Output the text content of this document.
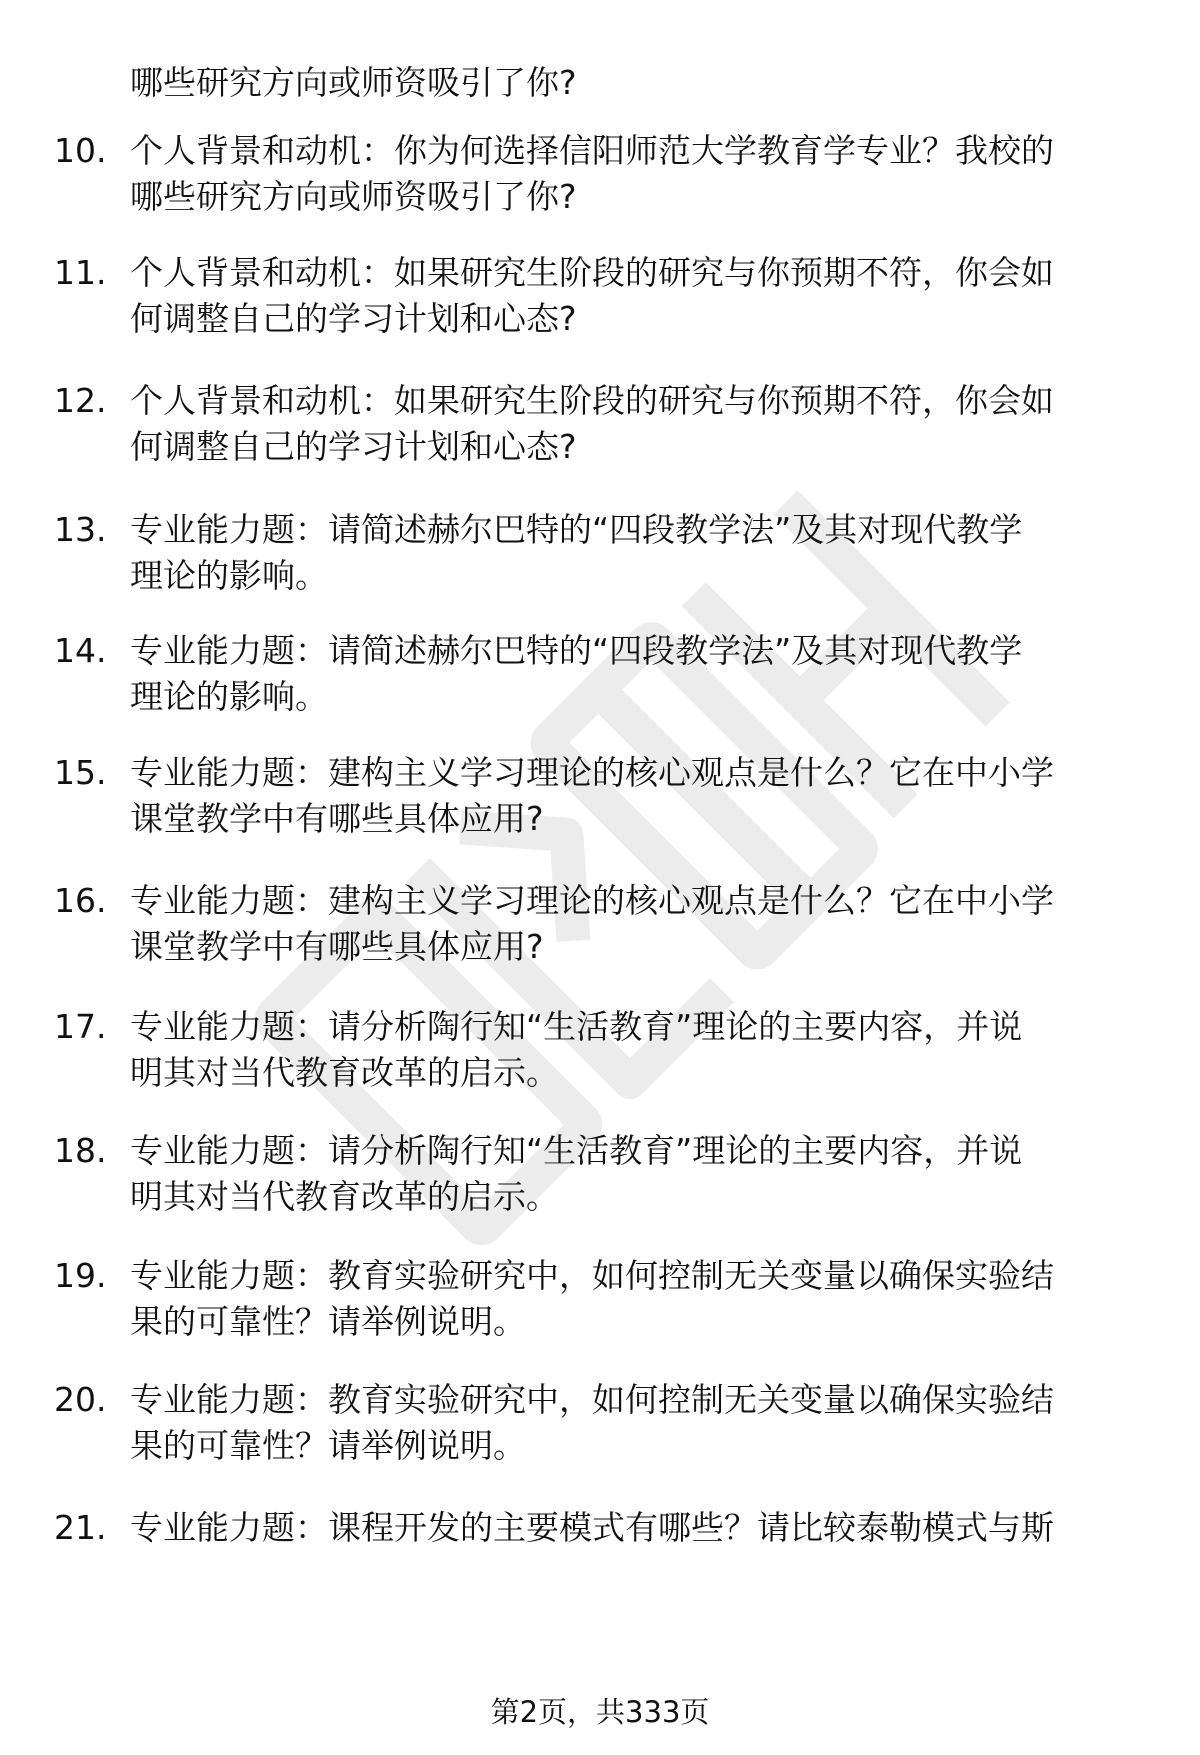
哪些研究方向或师资吸引了你?

10. 个人背景和动机：你为何选择信阳师范大学教育学专业？我校的
哪些研究方向或师资吸引了你?
11. 个人背景和动机：如果研究生阶段的研究与你预期不符，你会如
何调整自己的学习计划和心态?
12. 个人背景和动机：如果研究生阶段的研究与你预期不符，你会如
何调整自己的学习计划和心态?
13. 专业能力题：请简述赫尔巴特的“四段教学法”及其对现代教学
理论的影响。
14. 专业能力题：请简述赫尔巴特的“四段教学法”及其对现代教学
理论的影响。
15. 专业能力题：建构主义学习理论的核心观点是什么？它在中小学
课堂教学中有哪些具体应用?
16. 专业能力题：建构主义学习理论的核心观点是什么？它在中小学
课堂教学中有哪些具体应用?
17. 专业能力题：请分析陶行知“生活教育”理论的主要内容，并说
明其对当代教育改革的启示。
18. 专业能力题：请分析陶行知“生活教育”理论的主要内容，并说
明其对当代教育改革的启示。
19. 专业能力题：教育实验研究中，如何控制无关变量以确保实验结
果的可靠性？请举例说明。
20. 专业能力题：教育实验研究中，如何控制无关变量以确保实验结
果的可靠性？请举例说明。
21. 专业能力题：课程开发的主要模式有哪些？请比较泰勒模式与斯
第2页，共333页
